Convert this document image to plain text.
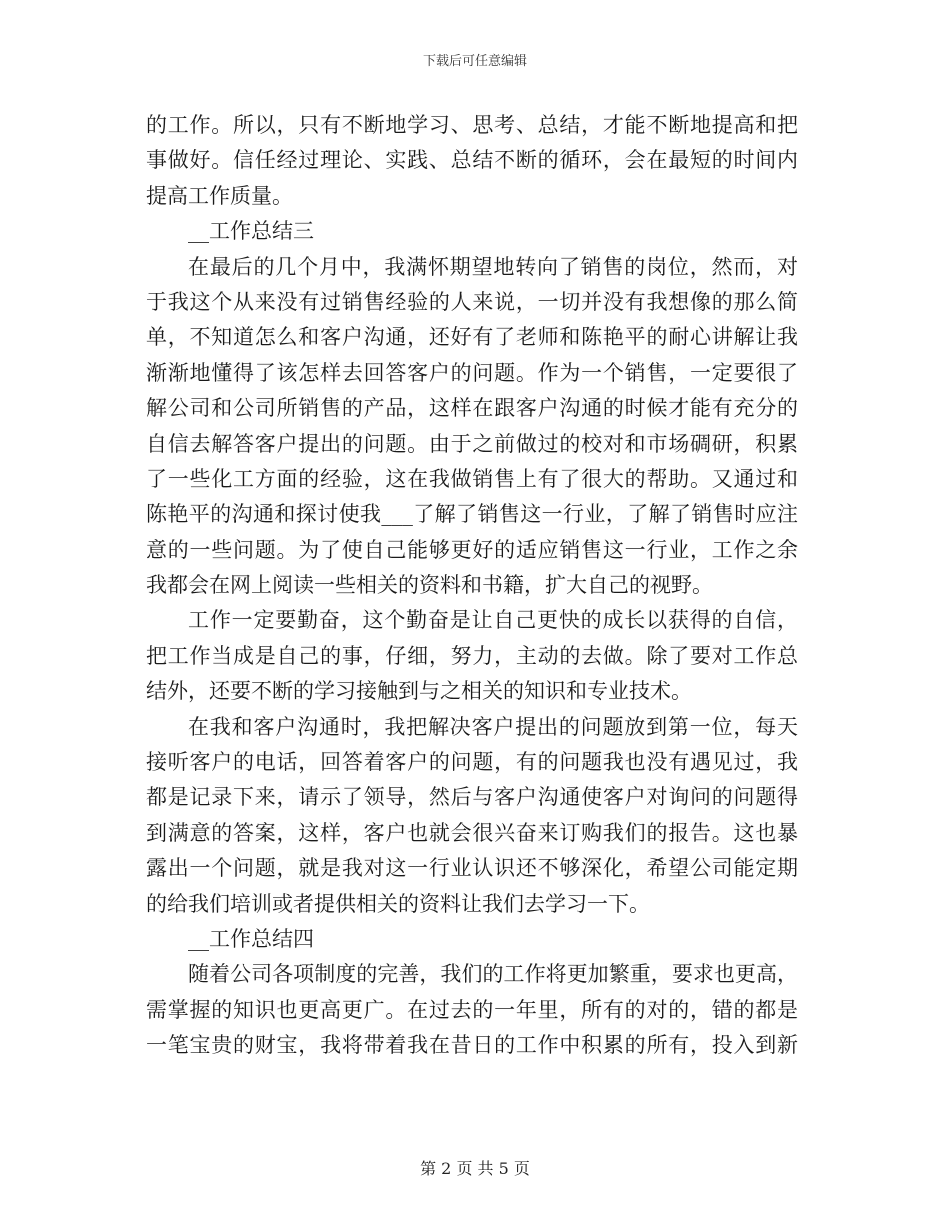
下载后可任意编辑
的工作。所以，只有不断地学习、思考、总结，才能不断地提高和把
事做好。信任经过理论、实践、总结不断的循环，会在最短的时间内
提高工作质量。
__工作总结三
在最后的几个月中，我满怀期望地转向了销售的岗位，然而，对
于我这个从来没有过销售经验的人来说，一切并没有我想像的那么简
单，不知道怎么和客户沟通，还好有了老师和陈艳平的耐心讲解让我
渐渐地懂得了该怎样去回答客户的问题。作为一个销售，一定要很了
解公司和公司所销售的产品，这样在跟客户沟通的时候才能有充分的
自信去解答客户提出的问题。由于之前做过的校对和市场碉研，积累
了一些化工方面的经验，这在我做销售上有了很大的帮助。又通过和
陈艳平的沟通和探讨使我___了解了销售这一行业，了解了销售时应注
意的一些问题。为了使自己能够更好的适应销售这一行业，工作之余
我都会在网上阅读一些相关的资料和书籍，扩大自己的视野。
工作一定要勤奋，这个勤奋是让自己更快的成长以获得的自信，
把工作当成是自己的事，仔细，努力，主动的去做。除了要对工作总
结外，还要不断的学习接触到与之相关的知识和专业技术。
在我和客户沟通时，我把解决客户提出的问题放到第一位，每天
接听客户的电话，回答着客户的问题，有的问题我也没有遇见过，我
都是记录下来，请示了领导，然后与客户沟通使客户对询问的问题得
到满意的答案，这样，客户也就会很兴奋来订购我们的报告。这也暴
露出一个问题，就是我对这一行业认识还不够深化，希望公司能定期
的给我们培训或者提供相关的资料让我们去学习一下。
__工作总结四
随着公司各项制度的完善，我们的工作将更加繁重，要求也更高，
需掌握的知识也更高更广。在过去的一年里，所有的对的，错的都是
一笔宝贵的财宝，我将带着我在昔日的工作中积累的所有，投入到新
第 2 页 共 5 页
